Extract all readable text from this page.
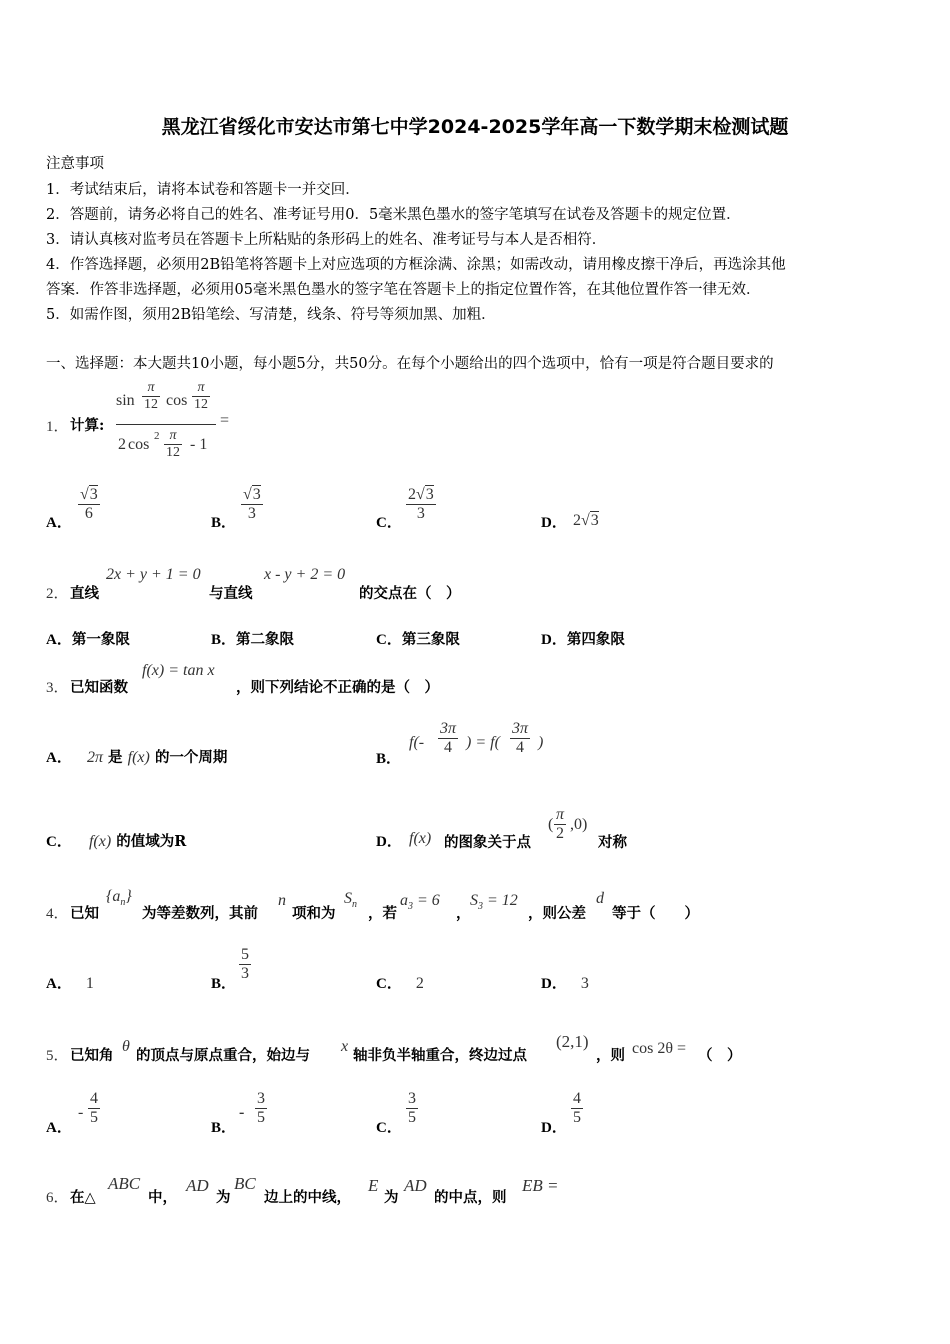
黑龙江省绥化市安达市第七中学2024-2025学年高一下数学期末检测试题
注意事项
1．考试结束后，请将本试卷和答题卡一并交回．
2．答题前，请务必将自己的姓名、准考证号用0．5毫米黑色墨水的签字笔填写在试卷及答题卡的规定位置．
3．请认真核对监考员在答题卡上所粘贴的条形码上的姓名、准考证号与本人是否相符．
4．作答选择题，必须用2B铅笔将答题卡上对应选项的方框涂满、涂黑；如需改动，请用橡皮擦干净后，再选涂其他
答案．作答非选择题，必须用05毫米黑色墨水的签字笔在答题卡上的指定位置作答，在其他位置作答一律无效．
5．如需作图，须用2B铅笔绘、写清楚，线条、符号等须加黑、加粗．
一、选择题：本大题共10小题，每小题5分，共50分。在每个小题给出的四个选项中，恰有一项是符合题目要求的
1． 计算:
$\sin \frac{\pi}{12}$ $\cos \frac{\pi}{12}$
2 $\cos 2 \frac{\pi}{12} - 1$
=
A． $\frac{√3}{6}$	B． $\frac{√3}{3}$	C． $\frac{2√3}{3}$	D． 2√3
2． 直线
2x + y + 1 = 0
与直线
x - y + 2 = 0
的交点在（　）
A．第一象限	B．第二象限	C．第三象限	D．第四象限
3． 已知函数
f(x) = tan x
，则下列结论不正确的是（　）
A． 2π 是 f(x) 的一个周期	B．
$f(- \frac{3\pi}{4}$ ) = $f( \frac{3\pi}{4}$ )
C． f(x) 的值域为R	D． f(x) 的图象关于点
( $\frac{\pi}{2} ,0$)
对称
4． 已知
$\{a_n\}$
为等差数列，其前
n
项和为
$S_n$
，若
$a_3 = 6$
，
$S_3 = 12$
，则公差
d
等于（　　）
A． 1	B．
$\frac{5}{3}$
C． 2	D． 3
5． 已知角
θ
的顶点与原点重合，始边与
x
轴非负半轴重合，终边过点
(2,1)
，则 cos 2θ = （　）
A．
- $\frac{4}{5}$
B．
- $\frac{3}{5}$
C．
$\frac{3}{5}$
D．
$\frac{4}{5}$
6． 在△
ABC
中，
AD
为
BC
边上的中线，
E
为
AD
的中点，则
EB =
